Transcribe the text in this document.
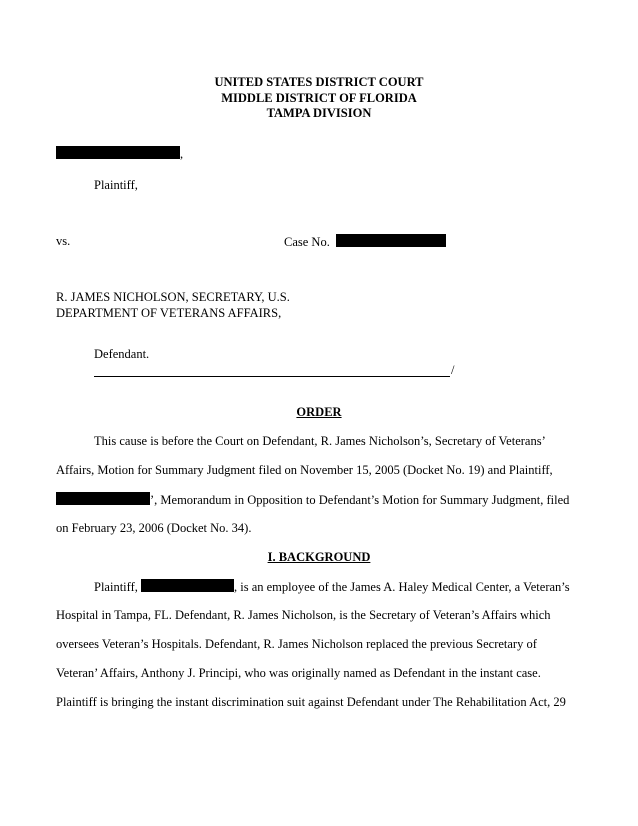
UNITED STATES DISTRICT COURT
MIDDLE DISTRICT OF FLORIDA
TAMPA DIVISION
,
Plaintiff,
vs.	Case No.
R. JAMES NICHOLSON, SECRETARY, U.S.
DEPARTMENT OF VETERANS AFFAIRS,
Defendant.
/
ORDER
This cause is before the Court on Defendant, R. James Nicholson’s, Secretary of Veterans’
Affairs, Motion for Summary Judgment filed on November 15, 2005 (Docket No. 19) and Plaintiff,
’, Memorandum in Opposition to Defendant’s Motion for Summary Judgment, filed
on February 23, 2006 (Docket No. 34).
I. BACKGROUND
Plaintiff,	, is an employee of the James A. Haley Medical Center, a Veteran’s
Hospital in Tampa, FL. Defendant, R. James Nicholson, is the Secretary of Veteran’s Affairs which
oversees Veteran’s Hospitals. Defendant, R. James Nicholson replaced the previous Secretary of
Veteran’ Affairs, Anthony J. Principi, who was originally named as Defendant in the instant case.
Plaintiff is bringing the instant discrimination suit against Defendant under The Rehabilitation Act, 29
